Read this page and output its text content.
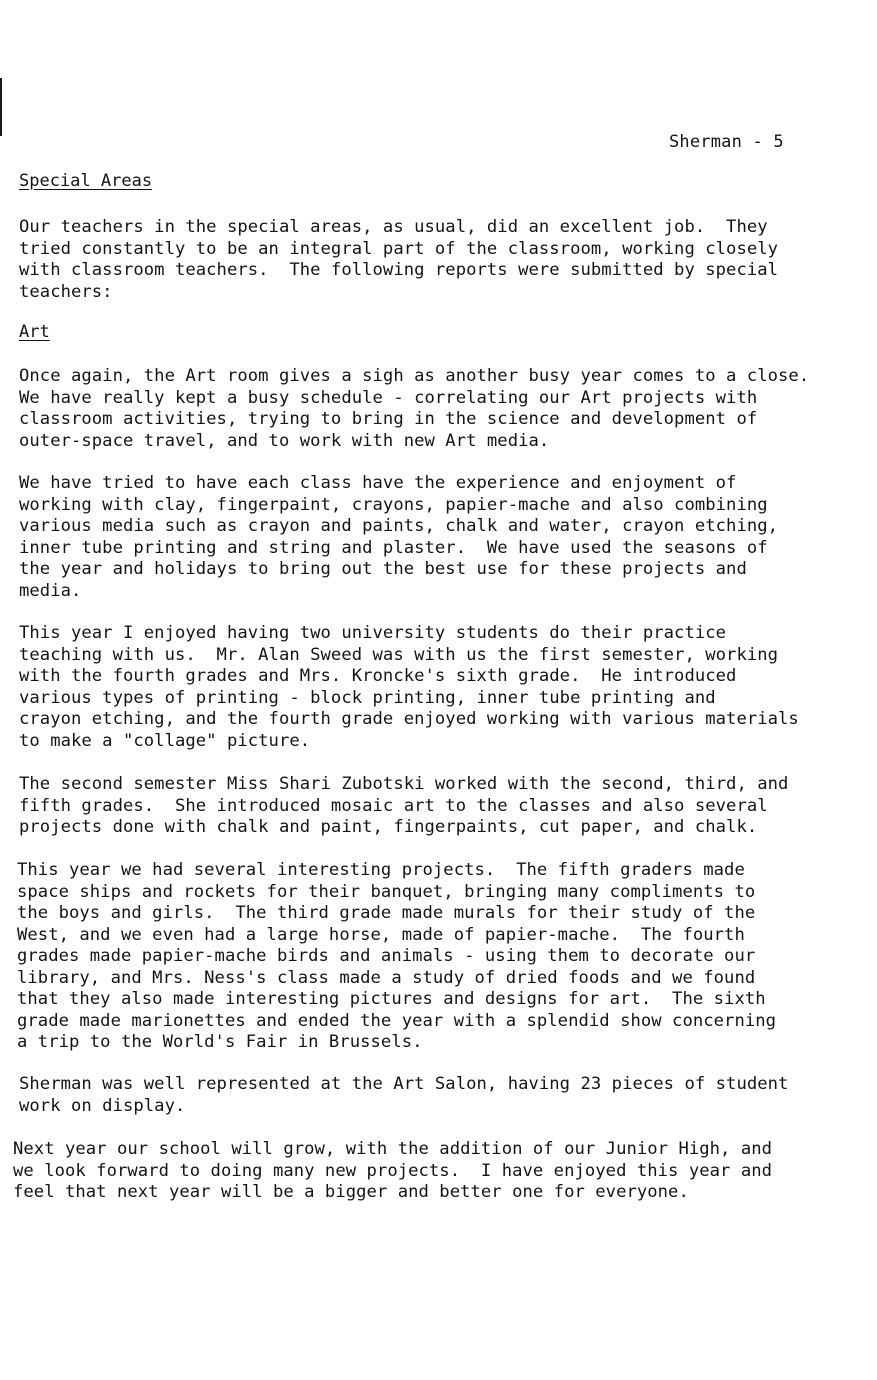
Sherman - 5
Special Areas

Our teachers in the special areas, as usual, did an excellent job.  They
tried constantly to be an integral part of the classroom, working closely
with classroom teachers.  The following reports were submitted by special
teachers:

Art

Once again, the Art room gives a sigh as another busy year comes to a close.
We have really kept a busy schedule - correlating our Art projects with
classroom activities, trying to bring in the science and development of
outer-space travel, and to work with new Art media.

We have tried to have each class have the experience and enjoyment of
working with clay, fingerpaint, crayons, papier-mache and also combining
various media such as crayon and paints, chalk and water, crayon etching,
inner tube printing and string and plaster.  We have used the seasons of
the year and holidays to bring out the best use for these projects and
media.

This year I enjoyed having two university students do their practice
teaching with us.  Mr. Alan Sweed was with us the first semester, working
with the fourth grades and Mrs. Kroncke's sixth grade.  He introduced
various types of printing - block printing, inner tube printing and
crayon etching, and the fourth grade enjoyed working with various materials
to make a "collage" picture.

The second semester Miss Shari Zubotski worked with the second, third, and
fifth grades.  She introduced mosaic art to the classes and also several
projects done with chalk and paint, fingerpaints, cut paper, and chalk.

This year we had several interesting projects.  The fifth graders made
space ships and rockets for their banquet, bringing many compliments to
the boys and girls.  The third grade made murals for their study of the
West, and we even had a large horse, made of papier-mache.  The fourth
grades made papier-mache birds and animals - using them to decorate our
library, and Mrs. Ness's class made a study of dried foods and we found
that they also made interesting pictures and designs for art.  The sixth
grade made marionettes and ended the year with a splendid show concerning
a trip to the World's Fair in Brussels.

Sherman was well represented at the Art Salon, having 23 pieces of student
work on display.

Next year our school will grow, with the addition of our Junior High, and
we look forward to doing many new projects.  I have enjoyed this year and
feel that next year will be a bigger and better one for everyone.
